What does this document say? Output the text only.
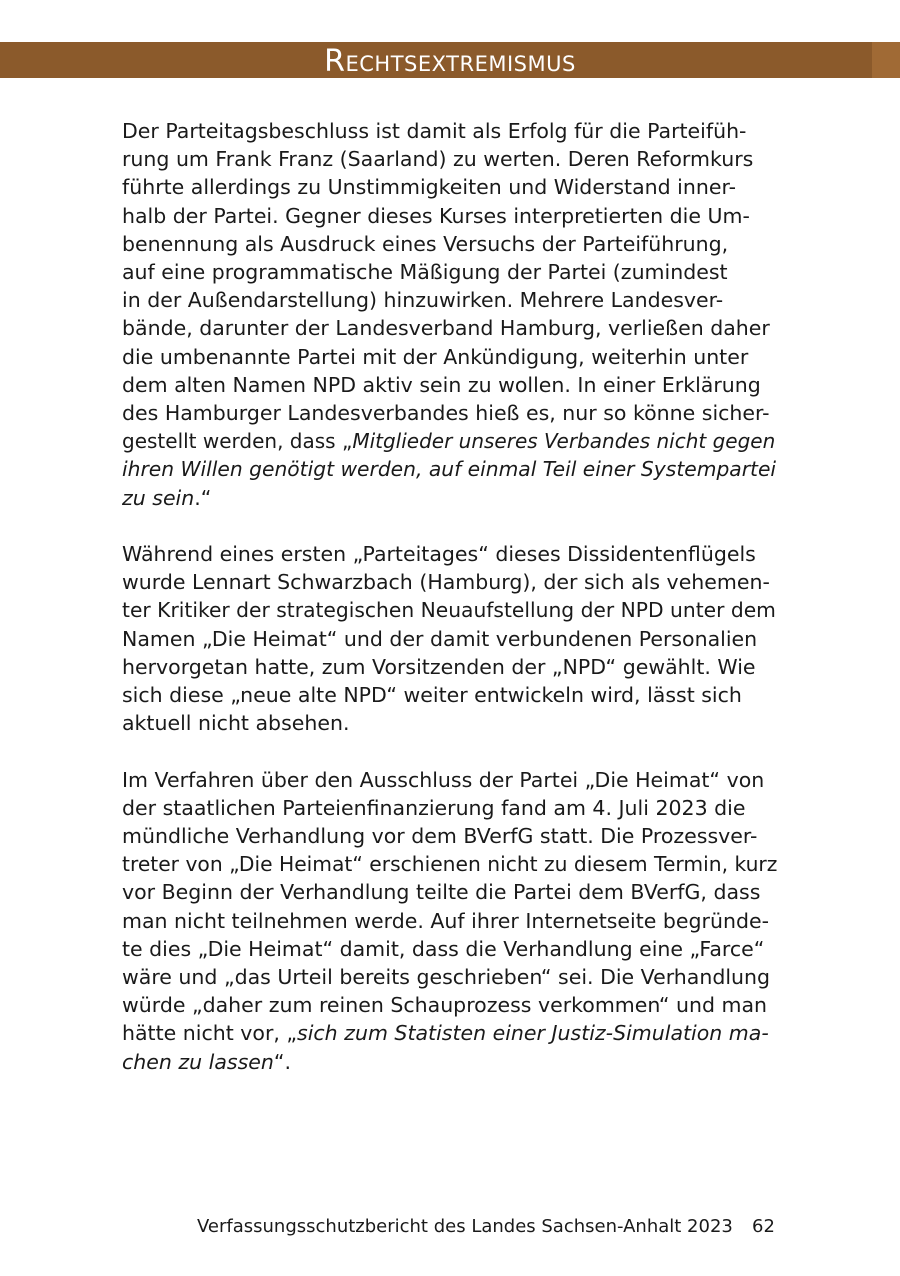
Rechtsextremismus

Der Parteitagsbeschluss ist damit als Erfolg für die Parteifüh-
rung um Frank Franz (Saarland) zu werten. Deren Reformkurs
führte allerdings zu Unstimmigkeiten und Widerstand inner-
halb der Partei. Gegner dieses Kurses interpretierten die Um-
benennung als Ausdruck eines Versuchs der Parteiführung,
auf eine programmatische Mäßigung der Partei (zumindest
in der Außendarstellung) hinzuwirken. Mehrere Landesver-
bände, darunter der Landesverband Hamburg, verließen daher
die umbenannte Partei mit der Ankündigung, weiterhin unter
dem alten Namen NPD aktiv sein zu wollen. In einer Erklärung
des Hamburger Landesverbandes hieß es, nur so könne sicher-
gestellt werden, dass „Mitglieder unseres Verbandes nicht gegen
ihren Willen genötigt werden, auf einmal Teil einer Systempartei
zu sein.“

Während eines ersten „Parteitages“ dieses Dissidentenflügels
wurde Lennart Schwarzbach (Hamburg), der sich als vehemen-
ter Kritiker der strategischen Neuaufstellung der NPD unter dem
Namen „Die Heimat“ und der damit verbundenen Personalien
hervorgetan hatte, zum Vorsitzenden der „NPD“ gewählt. Wie
sich diese „neue alte NPD“ weiter entwickeln wird, lässt sich
aktuell nicht absehen.

Im Verfahren über den Ausschluss der Partei „Die Heimat“ von
der staatlichen Parteienfinanzierung fand am 4. Juli 2023 die
mündliche Verhandlung vor dem BVerfG statt. Die Prozessver-
treter von „Die Heimat“ erschienen nicht zu diesem Termin, kurz
vor Beginn der Verhandlung teilte die Partei dem BVerfG, dass
man nicht teilnehmen werde. Auf ihrer Internetseite begründe-
te dies „Die Heimat“ damit, dass die Verhandlung eine „Farce“
wäre und „das Urteil bereits geschrieben“ sei. Die Verhandlung
würde „daher zum reinen Schauprozess verkommen“ und man
hätte nicht vor, „sich zum Statisten einer Justiz-Simulation ma-
chen zu lassen“.

Verfassungsschutzbericht des Landes Sachsen-Anhalt 2023 62
